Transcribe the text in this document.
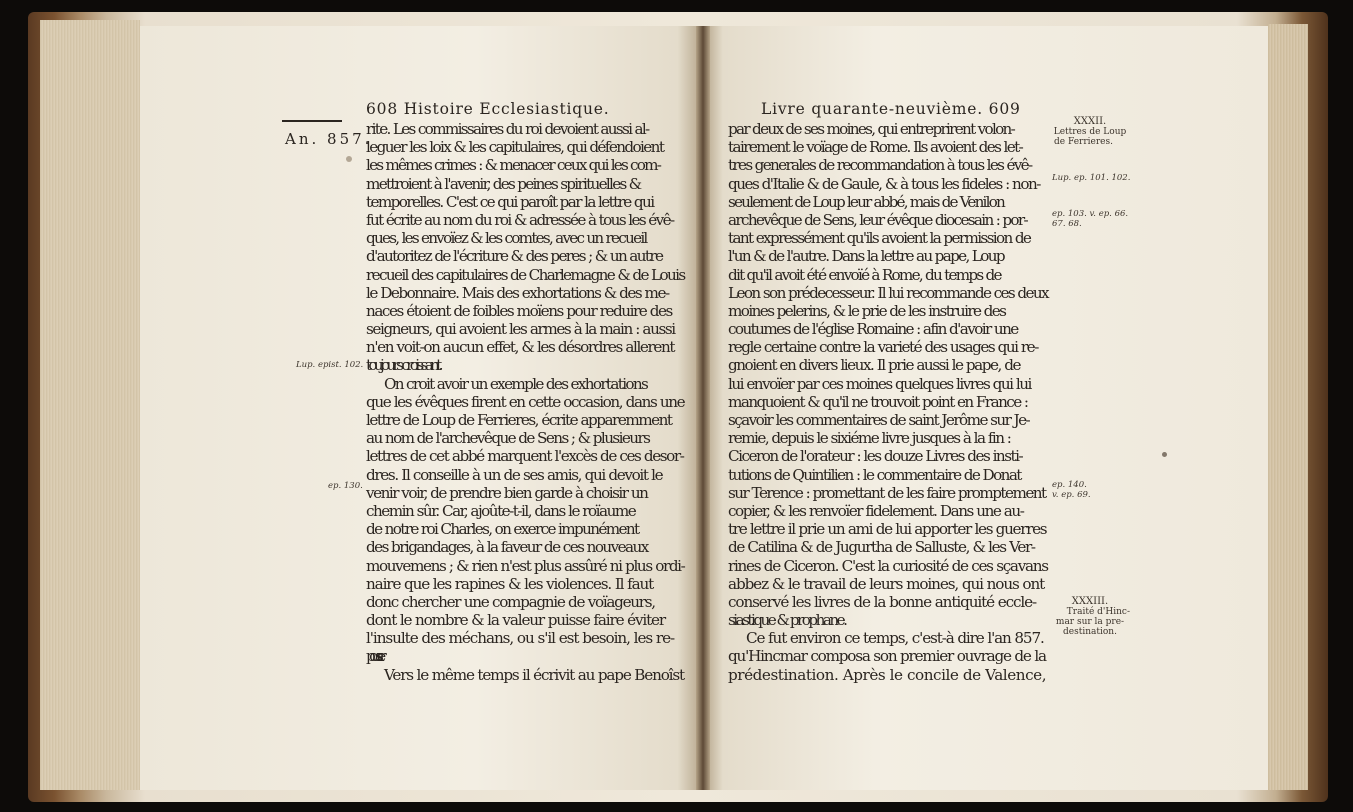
608 Histoire Ecclesiastique.
An. 857.
rite. Les commissaires du roi devoient aussi al-
leguer les loix & les capitulaires, qui défendoient
les mêmes crimes : & menacer ceux qui les com-
mettroient à l'avenir, des peines spirituelles &
temporelles. C'est ce qui paroît par la lettre qui
fut écrite au nom du roi & adressée à tous les évê-
ques, les envoïez & les comtes, avec un recueil
d'autoritez de l'écriture & des peres ; & un autre
recueil des capitulaires de Charlemagne & de Louis
le Debonnaire. Mais des exhortations & des me-
naces étoient de foibles moïens pour reduire des
seigneurs, qui avoient les armes à la main : aussi
n'en voit-on aucun effet, & les désordres allerent
toujours croissant.
On croit avoir un exemple des exhortations
que les évêques firent en cette occasion, dans une
lettre de Loup de Ferrieres, écrite apparemment
au nom de l'archevêque de Sens ; & plusieurs
lettres de cet abbé marquent l'excès de ces desor-
dres. Il conseille à un de ses amis, qui devoit le
venir voir, de prendre bien garde à choisir un
chemin sûr. Car, ajoûte-t-il, dans le roïaume
de notre roi Charles, on exerce impunément
des brigandages, à la faveur de ces nouveaux
mouvemens ; & rien n'est plus assûré ni plus ordi-
naire que les rapines & les violences. Il faut
donc chercher une compagnie de voïageurs,
dont le nombre & la valeur puisse faire éviter
l'insulte des méchans, ou s'il est besoin, les re-
pousser.
Vers le même temps il écrivit au pape Benoîst
Lup. epist. 102.
ep. 130.
Livre quarante-neuvième. 609
par deux de ses moines, qui entreprirent volon-
tairement le voïage de Rome. Ils avoient des let-
tres generales de recommandation à tous les évê-
ques d'Italie & de Gaule, & à tous les fideles : non-
seulement de Loup leur abbé, mais de Venilon
archevêque de Sens, leur évêque diocesain : por-
tant expressément qu'ils avoient la permission de
l'un & de l'autre. Dans la lettre au pape, Loup
dit qu'il avoit été envoïé à Rome, du temps de
Leon son prédecesseur. Il lui recommande ces deux
moines pelerins, & le prie de les instruire des
coutumes de l'église Romaine : afin d'avoir une
regle certaine contre la varieté des usages qui re-
gnoient en divers lieux. Il prie aussi le pape, de
lui envoïer par ces moines quelques livres qui lui
manquoient & qu'il ne trouvoit point en France :
sçavoir les commentaires de saint Jerôme sur Je-
remie, depuis le sixiéme livre jusques à la fin :
Ciceron de l'orateur : les douze Livres des insti-
tutions de Quintilien : le commentaire de Donat
sur Terence : promettant de les faire promptement
copier, & les renvoïer fidelement. Dans une au-
tre lettre il prie un ami de lui apporter les guerres
de Catilina & de Jugurtha de Salluste, & les Ver-
rines de Ciceron. C'est la curiosité de ces sçavans
abbez & le travail de leurs moines, qui nous ont
conservé les livres de la bonne antiquité eccle-
siastique & prophane.
Ce fut environ ce temps, c'est-à dire l'an 857.
qu'Hincmar composa son premier ouvrage de la
prédestination. Après le concile de Valence,
XXXII.
Lettres de Loup
de Ferrieres.
Lup. ep. 101. 102.
ep. 103. v. ep. 66.
67. 68.
ep. 140.
v. ep. 69.
XXXIII.
Traité d'Hinc-
mar sur la pre-
destination.
